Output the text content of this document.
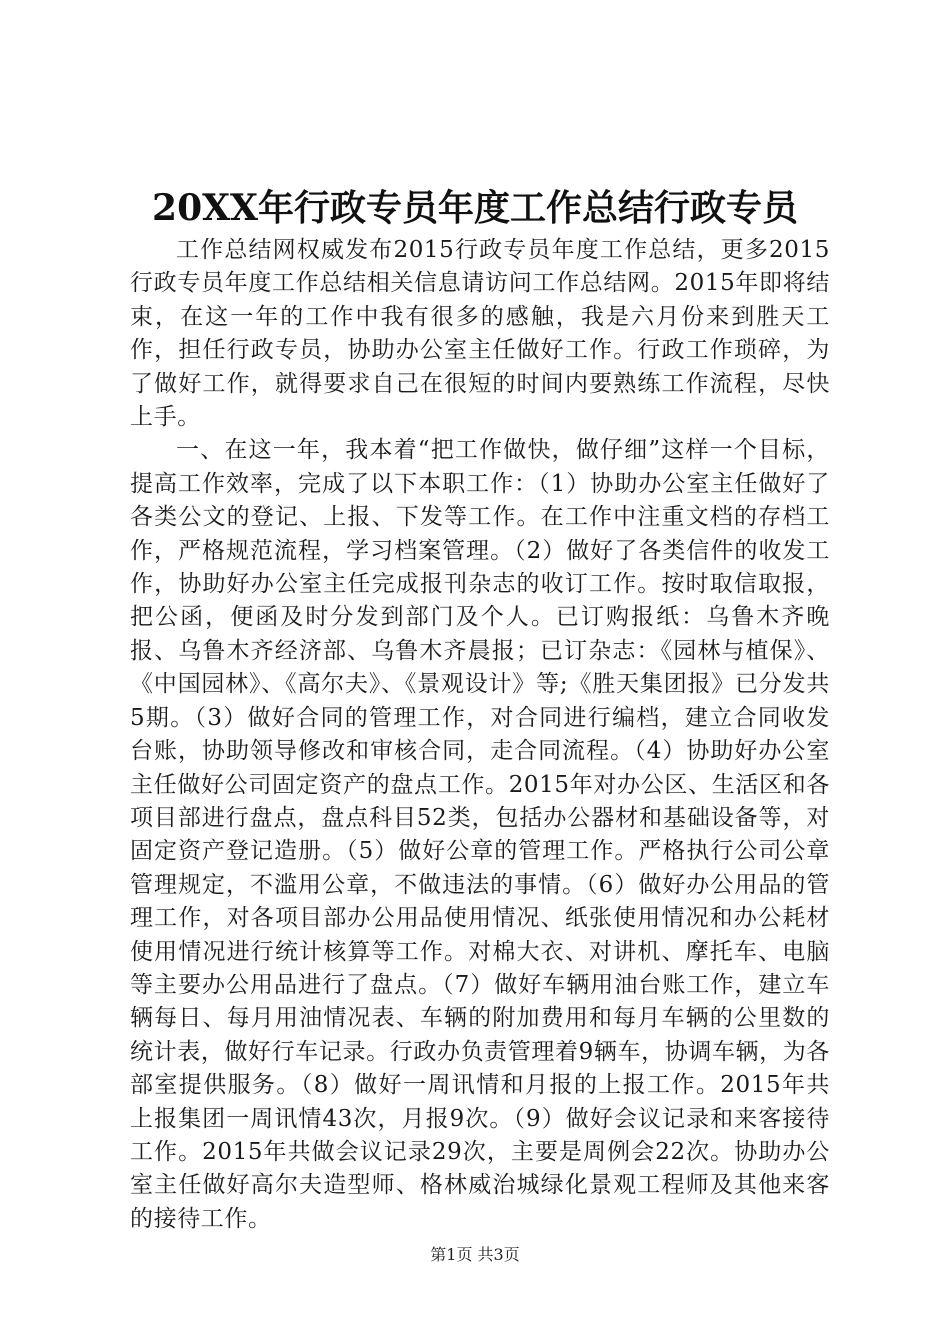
20XX年行政专员年度工作总结行政专员

工作总结网权威发布2015行政专员年度工作总结，更多2015行政专员年度工作总结相关信息请访问工作总结网。2015年即将结束，在这一年的工作中我有很多的感触，我是六月份来到胜天工作，担任行政专员，协助办公室主任做好工作。行政工作琐碎，为了做好工作，就得要求自己在很短的时间内要熟练工作流程，尽快上手。

一、在这一年，我本着“把工作做快，做仔细”这样一个目标，提高工作效率，完成了以下本职工作：（1）协助办公室主任做好了各类公文的登记、上报、下发等工作。在工作中注重文档的存档工作，严格规范流程，学习档案管理。（2）做好了各类信件的收发工作，协助好办公室主任完成报刊杂志的收订工作。按时取信取报，把公函，便函及时分发到部门及个人。已订购报纸：乌鲁木齐晚报、乌鲁木齐经济部、乌鲁木齐晨报；已订杂志：《园林与植保》、《中国园林》、《高尔夫》、《景观设计》等;《胜天集团报》已分发共5期。（3）做好合同的管理工作，对合同进行编档，建立合同收发台账，协助领导修改和审核合同，走合同流程。（4）协助好办公室主任做好公司固定资产的盘点工作。2015年对办公区、生活区和各项目部进行盘点，盘点科目52类，包括办公器材和基础设备等，对固定资产登记造册。（5）做好公章的管理工作。严格执行公司公章管理规定，不滥用公章，不做违法的事情。（6）做好办公用品的管理工作，对各项目部办公用品使用情况、纸张使用情况和办公耗材使用情况进行统计核算等工作。对棉大衣、对讲机、摩托车、电脑等主要办公用品进行了盘点。（7）做好车辆用油台账工作，建立车辆每日、每月用油情况表、车辆的附加费用和每月车辆的公里数的统计表，做好行车记录。行政办负责管理着9辆车，协调车辆，为各部室提供服务。（8）做好一周讯情和月报的上报工作。2015年共上报集团一周讯情43次，月报9次。（9）做好会议记录和来客接待工作。2015年共做会议记录29次，主要是周例会22次。协助办公室主任做好高尔夫造型师、格林威治城绿化景观工程师及其他来客的接待工作。

第1页 共3页
